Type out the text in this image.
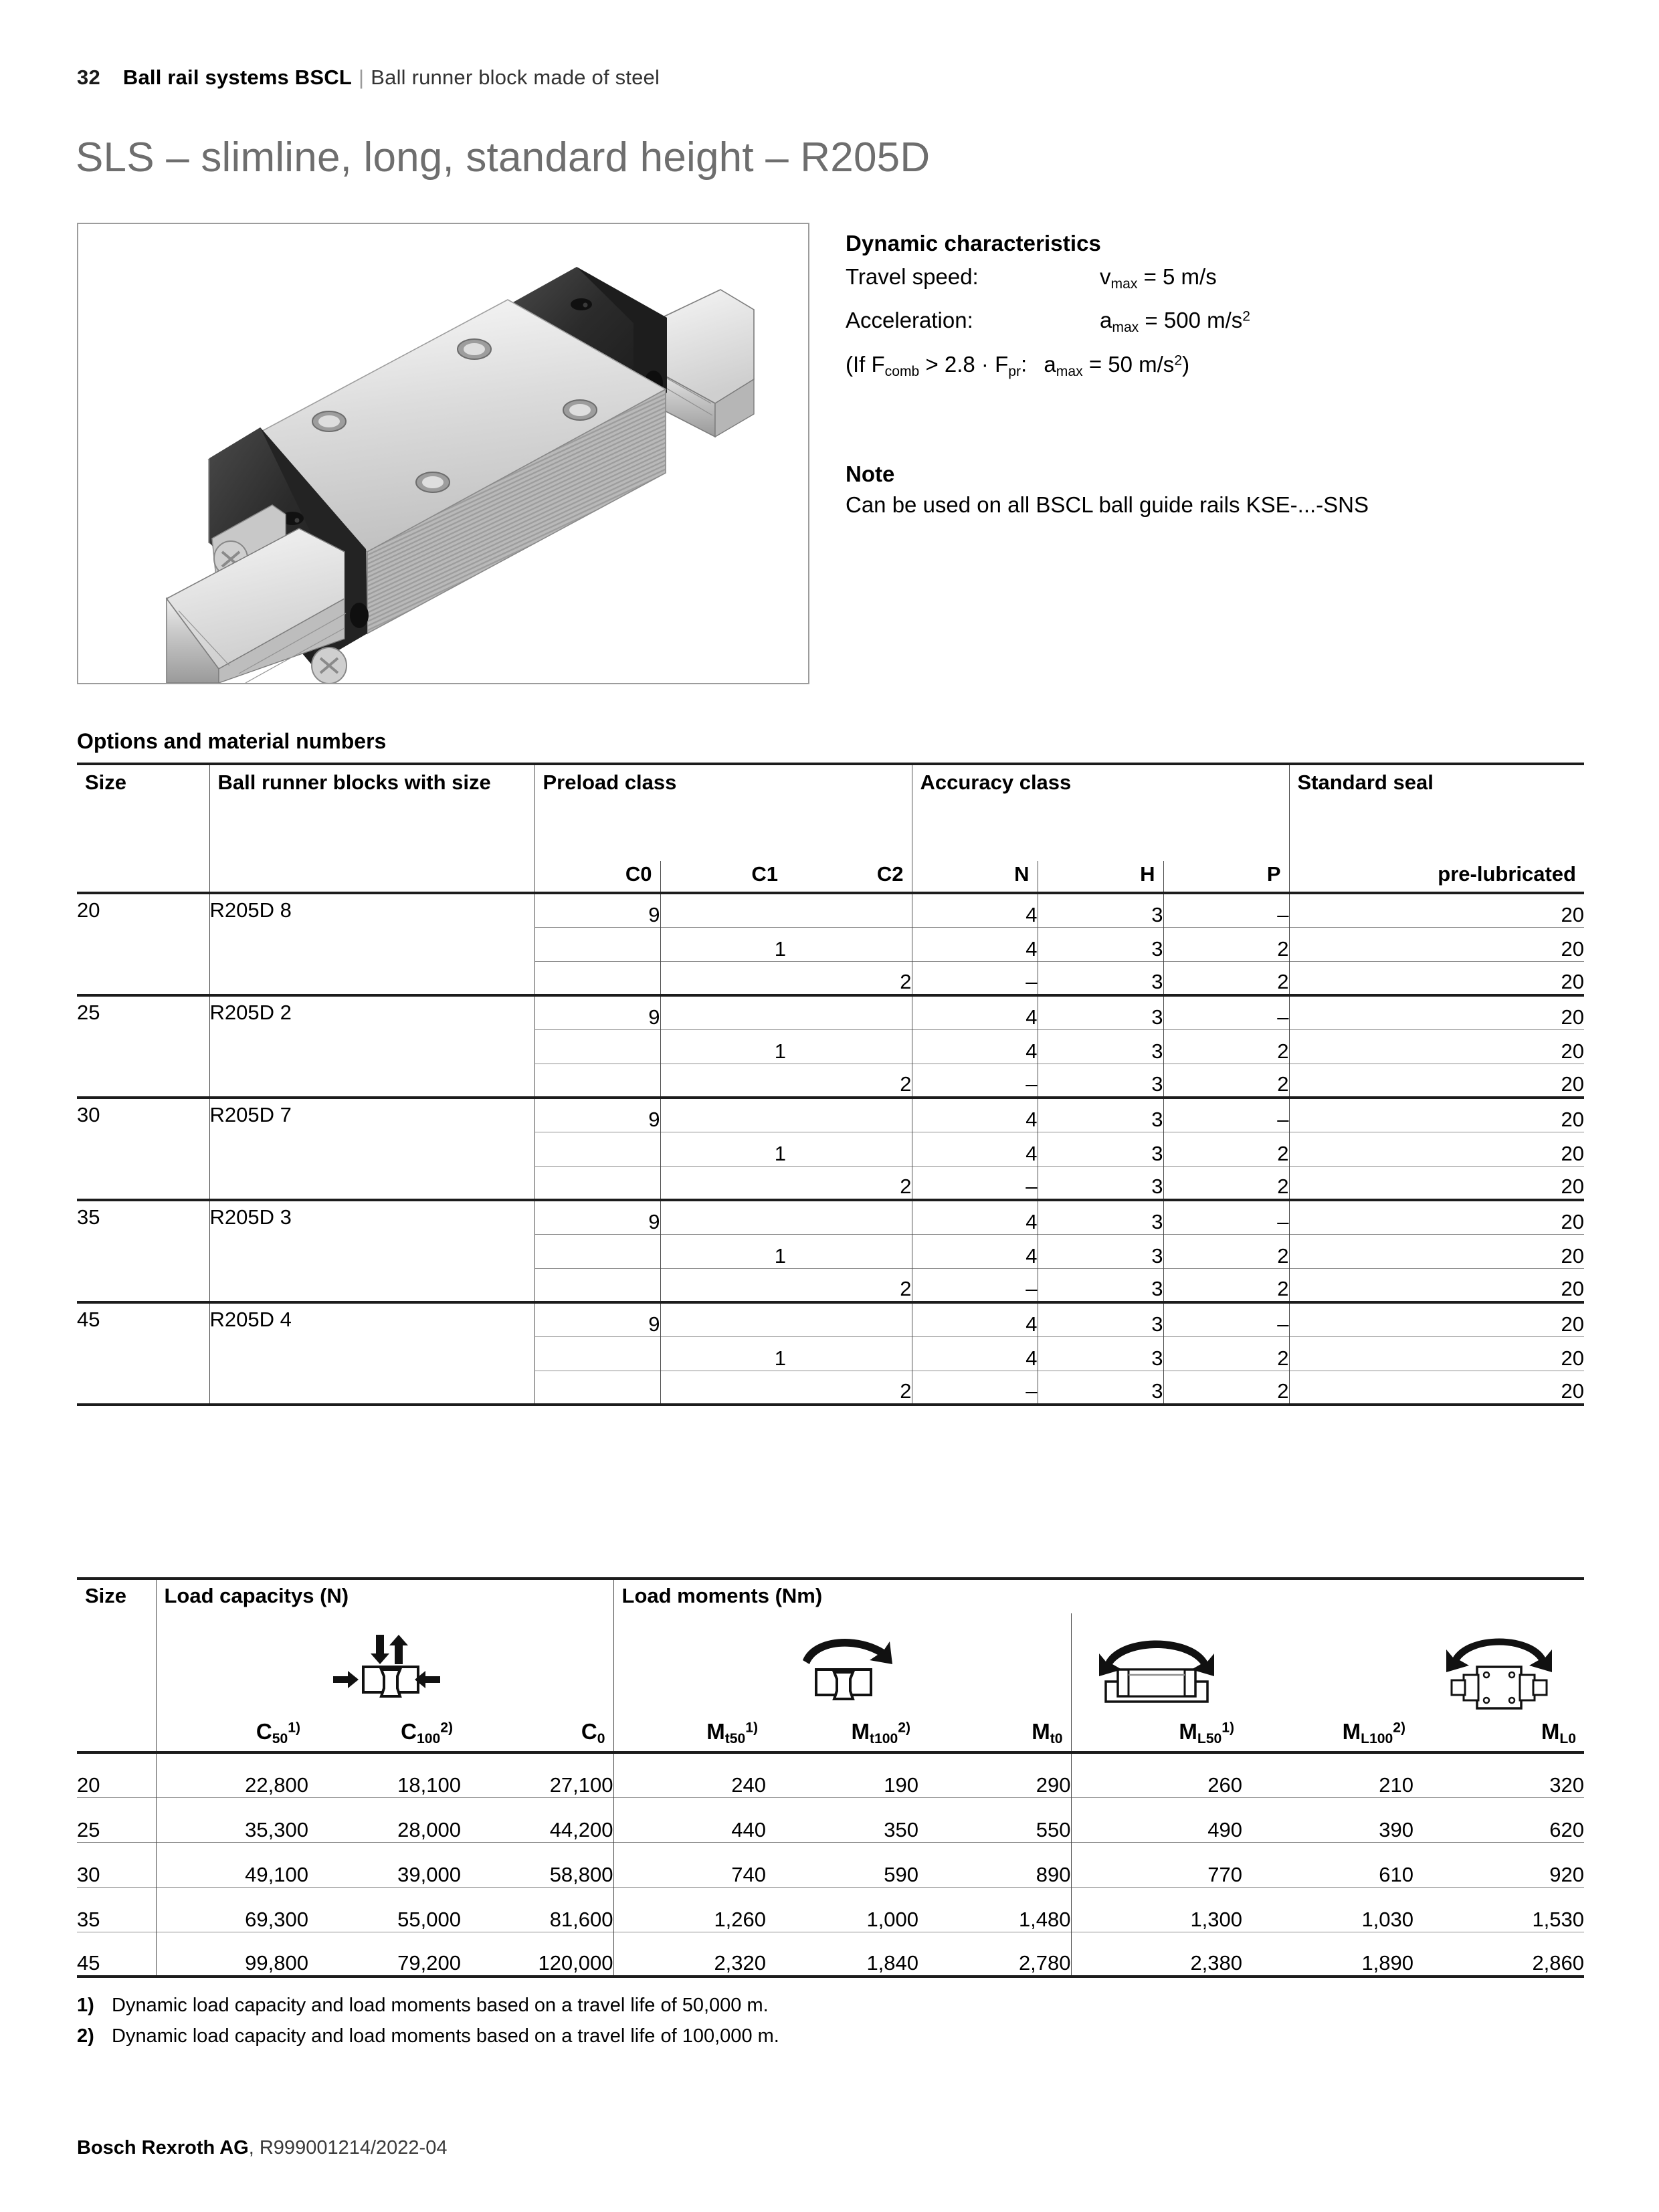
32 Ball rail systems BSCL | Ball runner block made of steel
SLS – slimline, long, standard height – R205D
Dynamic characteristics
Travel speed:	$v_{max} = 5$ m/s
Acceleration:	$a_{max} = 500$ $m/s^2$
(If $F_{comb} > 2.8 \cdot F_{pr}$: $a_{max} = 50$ $m/s^2$)
Note

Can be used on all BSCL ball guide rails KSE-...-SNS

Options and material numbers
Size	Ball runner blocks with size	Preload class			Accuracy class			Standard seal
		C0	C1	C2	N	H	P	pre-lubricated
20	R205D 8	9			4	3	–	20
			1		4	3	2	20
				2	–	3	2	20
25	R205D 2	9			4	3	–	20
			1		4	3	2	20
				2	–	3	2	20
30	R205D 7	9			4	3	–	20
			1		4	3	2	20
				2	–	3	2	20
35	R205D 3	9			4	3	–	20
			1		4	3	2	20
				2	–	3	2	20
45	R205D 4	9			4	3	–	20
			1		4	3	2	20
				2	–	3	2	20

Size	Load capacitys (N)			Load moments (Nm)					

	$C_{50}^{1)}$	$C_{100}^{2)}$	$C_0$	$M_{t50}^{1)}$	$M_{t100}^{2)}$	$M_{t0}$	$M_{L50}^{1)}$	$M_{L100}^{2)}$	$M_{L0}$
20	22,800	18,100	27,100	240	190	290	260	210	320
25	35,300	28,000	44,200	440	350	550	490	390	620
30	49,100	39,000	58,800	740	590	890	770	610	920
35	69,300	55,000	81,600	1,260	1,000	1,480	1,300	1,030	1,530
45	99,800	79,200	120,000	2,320	1,840	2,780	2,380	1,890	2,860

1) Dynamic load capacity and load moments based on a travel life of 50,000 m.
2) Dynamic load capacity and load moments based on a travel life of 100,000 m.
Bosch Rexroth AG, R999001214/2022-04
